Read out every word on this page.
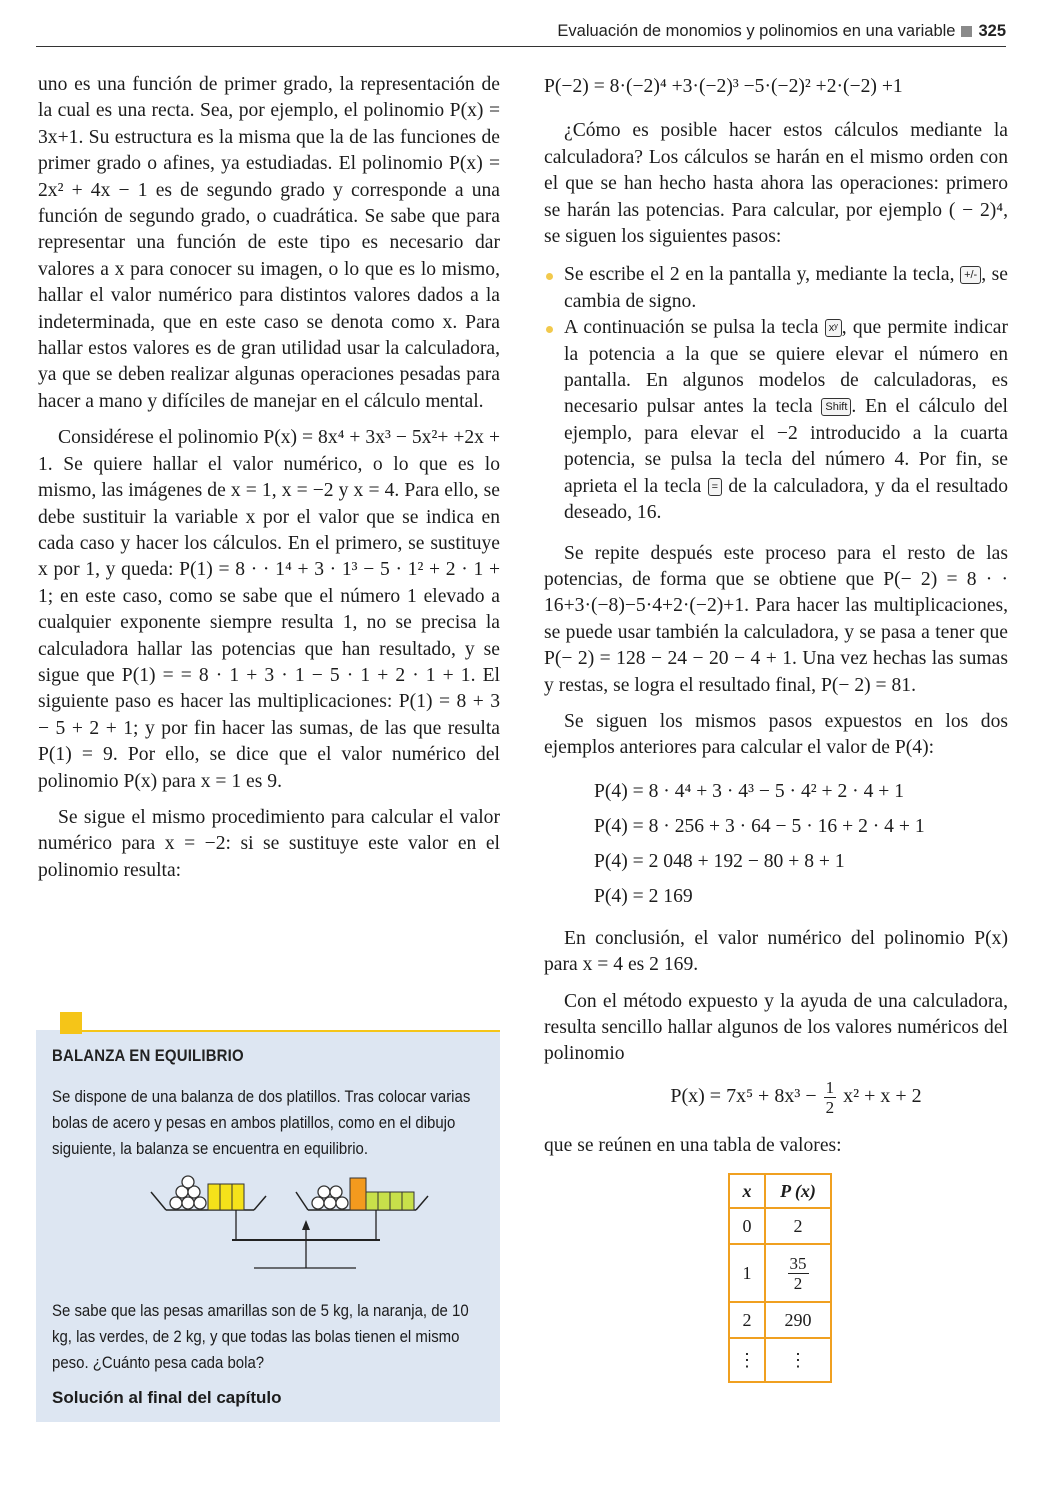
Evaluación de monomios y polinomios en una variable 325

uno es una función de primer grado, la representación de la cual es una recta. Sea, por ejemplo, el polinomio P(x) = 3x+1. Su estructura es la misma que la de las funciones de primer grado o afines, ya estudiadas. El polinomio P(x) = 2x² + 4x − 1 es de segundo grado y corresponde a una función de segundo grado, o cuadrática. Se sabe que para representar una función de este tipo es necesario dar valores a x para conocer su imagen, o lo que es lo mismo, hallar el valor numérico para distintos valores dados a la indeterminada, que en este caso se denota como x. Para hallar estos valores es de gran utilidad usar la calculadora, ya que se deben realizar algunas operaciones pesadas para hacer a mano y difíciles de manejar en el cálculo mental.

Considérese el polinomio P(x) = 8x⁴ + 3x³ − 5x²+ +2x + 1. Se quiere hallar el valor numérico, o lo que es lo mismo, las imágenes de x = 1, x = −2 y x = 4. Para ello, se debe sustituir la variable x por el valor que se indica en cada caso y hacer los cálculos. En el primero, se sustituye x por 1, y queda: P(1) = 8 · · 1⁴ + 3 · 1³ − 5 · 1² + 2 · 1 + 1; en este caso, como se sabe que el número 1 elevado a cualquier exponente siempre resulta 1, no se precisa la calculadora hallar las potencias que han resultado, y se sigue que P(1) = = 8 · 1 + 3 · 1 − 5 · 1 + 2 · 1 + 1. El siguiente paso es hacer las multiplicaciones: P(1) = 8 + 3 − 5 + 2 + 1; y por fin hacer las sumas, de las que resulta P(1) = 9. Por ello, se dice que el valor numérico del polinomio P(x) para x = 1 es 9.

Se sigue el mismo procedimiento para calcular el valor numérico para x = −2: si se sustituye este valor en el polinomio resulta:

BALANZA EN EQUILIBRIO
Se dispone de una balanza de dos platillos. Tras colocar varias bolas de acero y pesas en ambos platillos, como en el dibujo siguiente, la balanza se encuentra en equilibrio.
Se sabe que las pesas amarillas son de 5 kg, la naranja, de 10 kg, las verdes, de 2 kg, y que todas las bolas tienen el mismo peso. ¿Cuánto pesa cada bola?
Solución al final del capítulo
P(−2) = 8·(−2)⁴ +3·(−2)³ −5·(−2)² +2·(−2) +1

¿Cómo es posible hacer estos cálculos mediante la calculadora? Los cálculos se harán en el mismo orden con el que se han hecho hasta ahora las operaciones: primero se harán las potencias. Para calcular, por ejemplo ( − 2)⁴, se siguen los siguientes pasos:

Se escribe el 2 en la pantalla y, mediante la tecla, +/- , se cambia de signo.
A continuación se pulsa la tecla xʸ , que permite indicar la potencia a la que se quiere elevar el número en pantalla. En algunos modelos de calculadoras, es necesario pulsar antes la tecla Shift . En el cálculo del ejemplo, para elevar el −2 introducido a la cuarta potencia, se pulsa la tecla del número 4. Por fin, se aprieta el la tecla = de la calculadora, y da el resultado deseado, 16.

Se repite después este proceso para el resto de las potencias, de forma que se obtiene que P(− 2) = 8 · · 16+3·(−8)−5·4+2·(−2)+1. Para hacer las multiplicaciones, se puede usar también la calculadora, y se pasa a tener que P(− 2) = 128 − 24 − 20 − 4 + 1. Una vez hechas las sumas y restas, se logra el resultado final, P(− 2) = 81.

Se siguen los mismos pasos expuestos en los dos ejemplos anteriores para calcular el valor de P(4):

P(4) = 8 · 4⁴ + 3 · 4³ − 5 · 4² + 2 · 4 + 1
P(4) = 8 · 256 + 3 · 64 − 5 · 16 + 2 · 4 + 1
P(4) = 2 048 + 192 − 80 + 8 + 1
P(4) = 2 169

En conclusión, el valor numérico del polinomio P(x) para x = 4 es 2 169.

Con el método expuesto y la ayuda de una calculadora, resulta sencillo hallar algunos de los valores numéricos del polinomio

$P(x) = 7x^5 + 8x^3 - \frac{1}{2} x^2 + x + 2$

que se reúnen en una tabla de valores:

x	P (x)
0	2
1	$\frac{35}{2}$

2	290
⋮	⋮
